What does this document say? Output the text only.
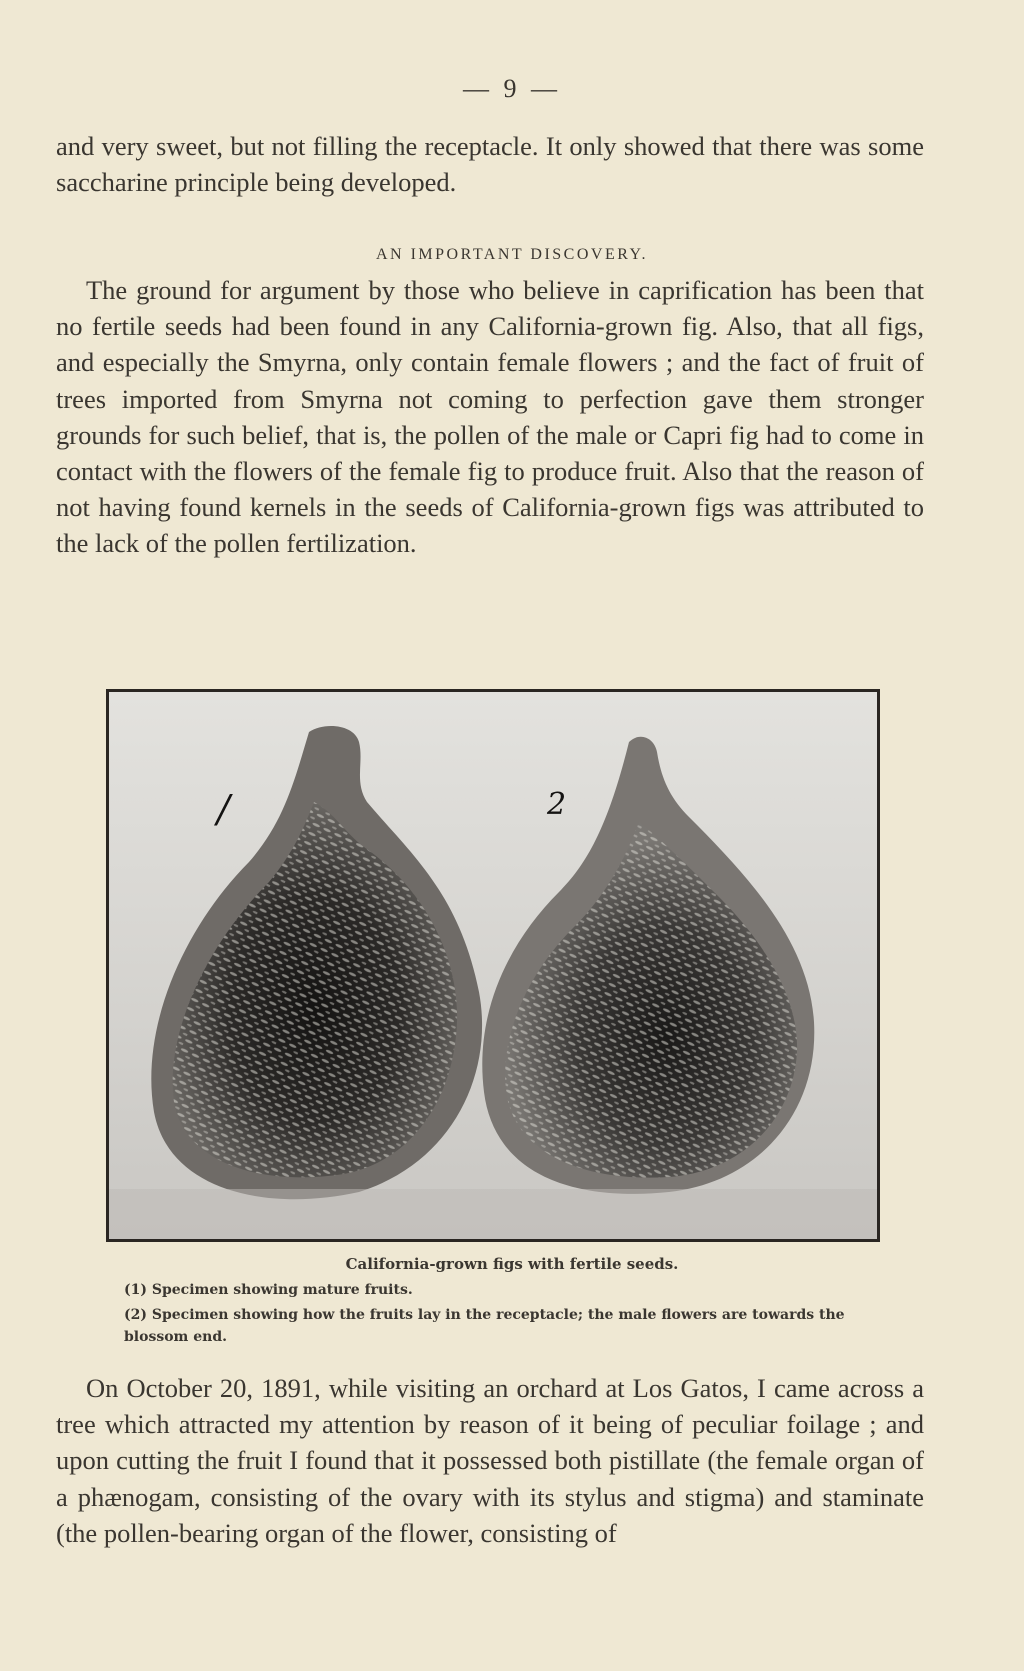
— 9 —

and very sweet, but not filling the receptacle. It only showed that there was some saccharine principle being developed.

AN IMPORTANT DISCOVERY.

The ground for argument by those who believe in caprification has been that no fertile seeds had been found in any California-grown fig. Also, that all figs, and especially the Smyrna, only contain female flowers ; and the fact of fruit of trees imported from Smyrna not coming to perfection gave them stronger grounds for such belief, that is, the pollen of the male or Capri fig had to come in contact with the flowers of the female fig to produce fruit. Also that the reason of not having found kernels in the seeds of California-grown figs was attributed to the lack of the pollen fertilization.

/	2
California-grown figs with fertile seeds.
(1) Specimen showing mature fruits.
(2) Specimen showing how the fruits lay in the receptacle; the male flowers are towards the blossom end.

On October 20, 1891, while visiting an orchard at Los Gatos, I came across a tree which attracted my attention by reason of it being of peculiar foilage ; and upon cutting the fruit I found that it possessed both pistillate (the female organ of a phænogam, consisting of the ovary with its stylus and stigma) and staminate (the pollen-bearing organ of the flower, consisting of
